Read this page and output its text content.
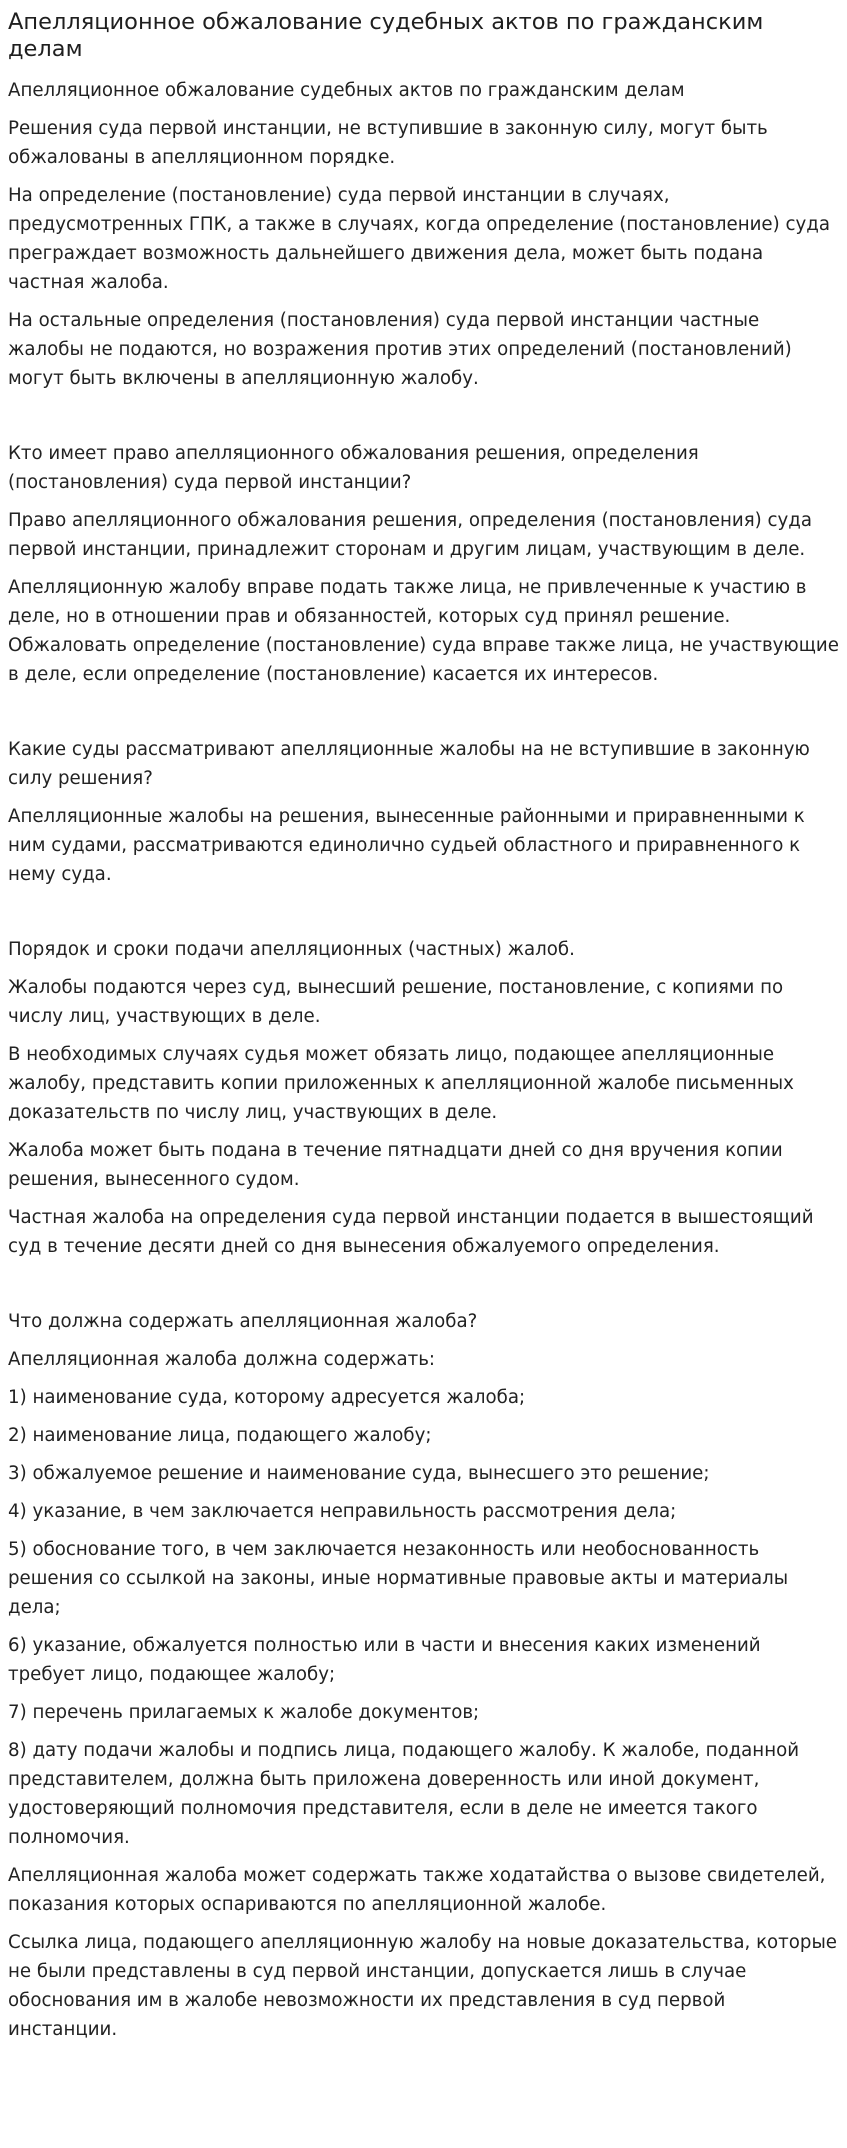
Апелляционное обжалование судебных актов по гражданским делам

Апелляционное обжалование судебных актов по гражданским делам

Решения суда первой инстанции, не вступившие в законную силу, могут быть обжалованы в апелляционном порядке.

На определение (постановление) суда первой инстанции в случаях, предусмотренных ГПК, а также в случаях, когда определение (постановление) суда преграждает возможность дальнейшего движения дела, может быть подана частная жалоба.

На остальные определения (постановления) суда первой инстанции частные жалобы не подаются, но возражения против этих определений (постановлений) могут быть включены в апелляционную жалобу.

Кто имеет право апелляционного обжалования решения, определения (постановления) суда первой инстанции?

Право апелляционного обжалования решения, определения (постановления) суда первой инстанции, принадлежит сторонам и другим лицам, участвующим в деле.

Апелляционную жалобу вправе подать также лица, не привлеченные к участию в деле, но в отношении прав и обязанностей, которых суд принял решение. Обжаловать определение (постановление) суда вправе также лица, не участвующие в деле, если определение (постановление) касается их интересов.

Какие суды рассматривают апелляционные жалобы на не вступившие в законную силу решения?

Апелляционные жалобы на решения, вынесенные районными и приравненными к ним судами, рассматриваются единолично судьей областного и приравненного к нему суда.

Порядок и сроки подачи апелляционных (частных) жалоб.

Жалобы подаются через суд, вынесший решение, постановление, с копиями по числу лиц, участвующих в деле.

В необходимых случаях судья может обязать лицо, подающее апелляционные жалобу, представить копии приложенных к апелляционной жалобе письменных доказательств по числу лиц, участвующих в деле.

Жалоба может быть подана в течение пятнадцати дней со дня вручения копии решения, вынесенного судом.

Частная жалоба на определения суда первой инстанции подается в вышестоящий суд в течение десяти дней со дня вынесения обжалуемого определения.

Что должна содержать апелляционная жалоба?

Апелляционная жалоба должна содержать:

1) наименование суда, которому адресуется жалоба;

2) наименование лица, подающего жалобу;

3) обжалуемое решение и наименование суда, вынесшего это решение;

4) указание, в чем заключается неправильность рассмотрения дела;

5) обоснование того, в чем заключается незаконность или необоснованность решения со ссылкой на законы, иные нормативные правовые акты и материалы дела;

6) указание, обжалуется полностью или в части и внесения каких изменений требует лицо, подающее жалобу;

7) перечень прилагаемых к жалобе документов;

8) дату подачи жалобы и подпись лица, подающего жалобу. К жалобе, поданной представителем, должна быть приложена доверенность или иной документ, удостоверяющий полномочия представителя, если в деле не имеется такого полномочия.

Апелляционная жалоба может содержать также ходатайства о вызове свидетелей, показания которых оспариваются по апелляционной жалобе.

Ссылка лица, подающего апелляционную жалобу на новые доказательства, которые не были представлены в суд первой инстанции, допускается лишь в случае обоснования им в жалобе невозможности их представления в суд первой инстанции.
